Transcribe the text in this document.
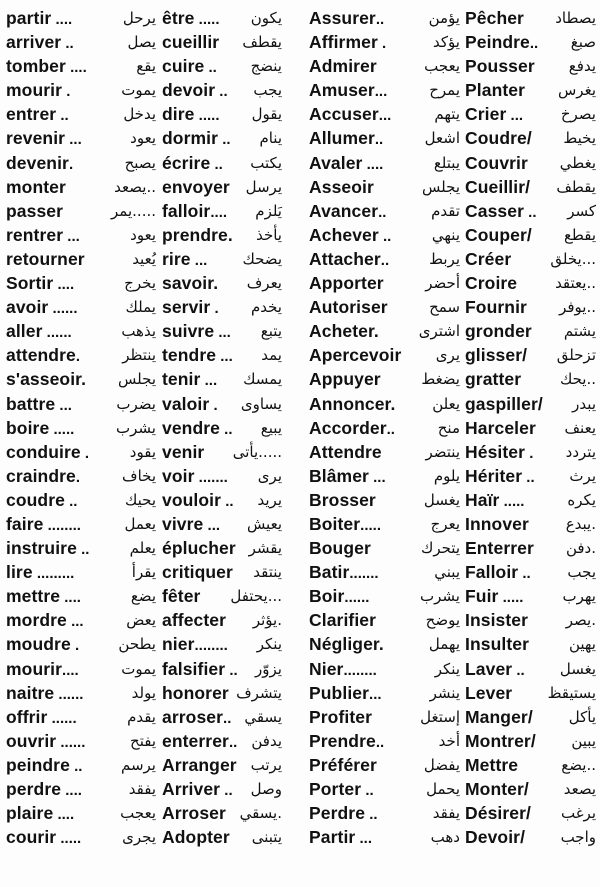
partir ....	يرحل
arriver ..	يصل
tomber ....	يقع
mourir .	يموت
entrer ..	يدخل
revenir ...	يعود
devenir.	يصبح
monter	..يصعد
passer	.....يمر
rentrer ...	يعود
retourner	يُعيد
Sortir ....	يخرج
avoir ......	يملك
aller ......	يذهب
attendre.	ينتظر
s'asseoir. يجلس
battre ...	يضرب
boire .....	يشرب
conduire .	يقود
craindre.	يخاف
coudre ..	يحيك
faire ........	يعمل
instruire ..	يعلم
lire .........	يقرأ
mettre ....	يضع
mordre ...	يعض
moudre .	يطحن
mourir....	يموت
naitre ......	يولد
offrir ......	يقدم
ouvrir ......	يفتح
peindre ..	يرسم
perdre ....	يفقد
plaire ....	يعجب
courir .....	يجرى
être ..... يكون
cueillir يقطف
cuire .. ينضج
devoir .. يجب
dire ..... يقول
dormir .. ينام
écrire .. يكتب
envoyer يرسل
falloir.... يَلزم
prendre. يأخذ
rire ... يضحك
savoir. يعرف
servir . يخدم
suivre ... يتبع
tendre ... يمد
tenir ... يمسك
valoir . يساوى
vendre .. يبيع
venir .....يأتى
voir ....... يرى
vouloir .. يريد
vivre ... يعيش
éplucher يقشر
critiquer ينتقد
fêter ...يحتفل
affecter .يؤثر
nier........ ينكر
falsifier .. يزوّر
honorer يتشرف
arroser.. يسقي
enterrer.. يدفن
Arranger يرتب
Arriver .. وصل
Arroser .يسقي
Adopter يتبنى
Assurer..	يؤمن
Affirmer .	يؤكد
Admirer	يعجب
Amuser...	يمرح
Accuser...	يتهم
Allumer..	اشعل
Avaler ....	يبتلع
Asseoir	يجلس
Avancer..	تقدم
Achever ..	ينهي
Attacher..	يربط
Apporter	أحضر
Autoriser	سمح
Acheter.	اشترى
Apercevoir يرى
Appuyer	يضغط
Annoncer. يعلن
Accorder..	منح
Attendre	ينتضر
Blâmer ...	يلوم
Brosser	يغسل
Boiter.....	يعرج
Bouger	يتحرك
Batir.......	يبني
Boir......	يشرب
Clarifier	يوضح
Négliger.	يهمل
Nier........	ينكر
Publier...	ينشر
Profiter	إستغل
Prendre..	أخد
Préférer	يفضل
Porter ..	يحمل
Perdre ..	يفقد
Partir ...	دهب
Pêcher يصطاد
Peindre.. صبغ
Pousser يدفع
Planter يغرس
Crier ...	يصرخ
Coudre/ يخيط
Couvrir يغطي
Cueillir/ يقطف
Casser .. كسر
Couper/ يقطع
Créer	...يخلق
Croire	..يعتقد
Fournir ..يوفر
gronder يشتم
glisser/ تزحلق
gratter	..يحك
gaspiller/ يبدر
Harceler يعنف
Hésiter . يتردد
Hériter .. يرث
Haïr .....	يكره
Innover .يبدع
Enterrer .دفن
Falloir .. يجب
Fuir .....	يهرب
Insister	.يصر
Insulter	يهين
Laver .. يغسل
Lever يستيقظ
Manger/ يأكل
Montrer/ يبين
Mettre	..يضع
Monter/ يصعد
Désirer/ يرغب
Devoir/ واجب
